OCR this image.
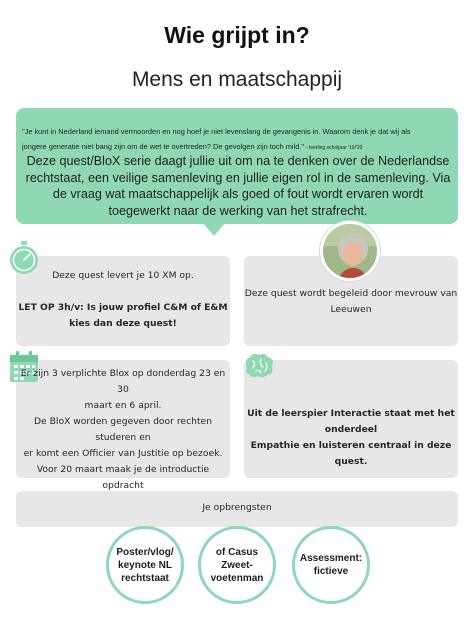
Wie grijpt in?
Mens en maatschappij
"Je kunt in Nederland iemand vermoorden en nog hoef je niet levenslang de gevangenis in. Waarom denk je dat wij als
jongere generatie niet bang zijn om de wet te overtreden? De gevolgen zijn toch mild." - leerling scholjaar '19/'20
Deze quest/BloX serie daagt jullie uit om na te denken over de Nederlandse
rechtstaat, een veilige samenleving en jullie eigen rol in de samenleving. Via
de vraag wat maatschappelijk als goed of fout wordt ervaren wordt
toegewerkt naar de werking van het strafrecht.
Deze quest levert je 10 XM op.
LET OP 3h/v: Is jouw profiel C&M of E&M
kies dan deze quest!
Deze quest wordt begeleid door mevrouw van
Leeuwen
Er zijn 3 verplichte Blox op donderdag 23 en 30
maart en 6 april.
De BloX worden gegeven door rechten studeren en
er komt een Officier van Justitie op bezoek.
Voor 20 maart maak je de introductie opdracht
Uit de leerspier Interactie staat met het onderdeel
Empathie en luisteren centraal in deze quest.
Je opbrengsten
Poster/vlog/
keynote NL
rechtstaat
of Casus
Zweet-
voetenman
Assessment:
fictieve
